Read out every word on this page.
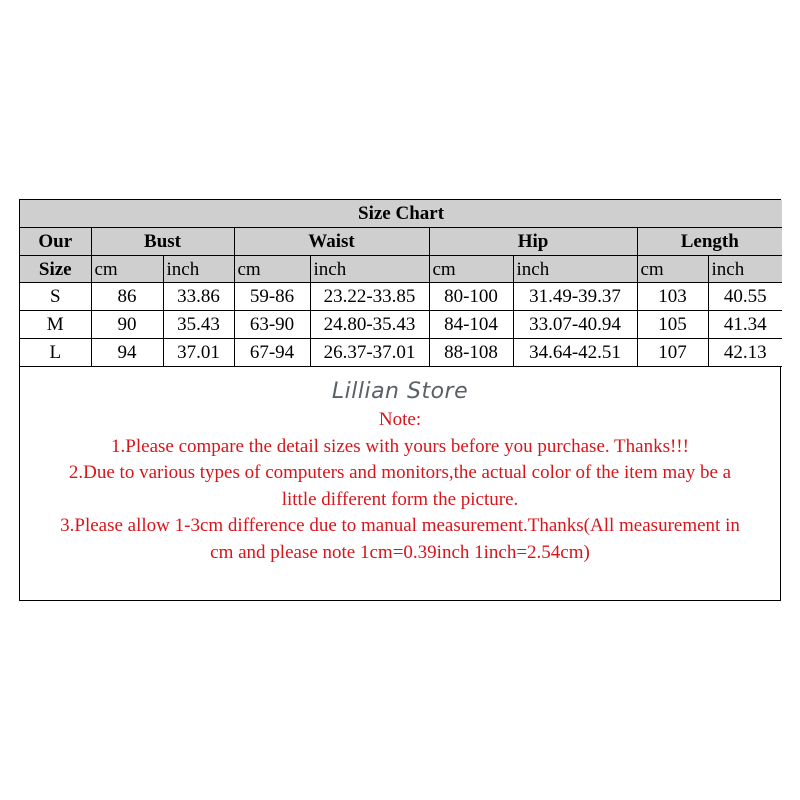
Size Chart								
Our	Bust		Waist		Hip		Length	
Size	cm	inch	cm	inch	cm	inch	cm	inch
S	86	33.86	59-86	23.22-33.85	80-100	31.49-39.37	103	40.55
M	90	35.43	63-90	24.80-35.43	84-104	33.07-40.94	105	41.34
L	94	37.01	67-94	26.37-37.01	88-108	34.64-42.51	107	42.13
Lillian Store
Note:
1.Please compare the detail sizes with yours before you purchase. Thanks!!!
2.Due to various types of computers and monitors,the actual color of the item may be a
little different form the picture.
3.Please allow 1-3cm difference due to manual measurement.Thanks(All measurement in
cm and please note 1cm=0.39inch 1inch=2.54cm)
